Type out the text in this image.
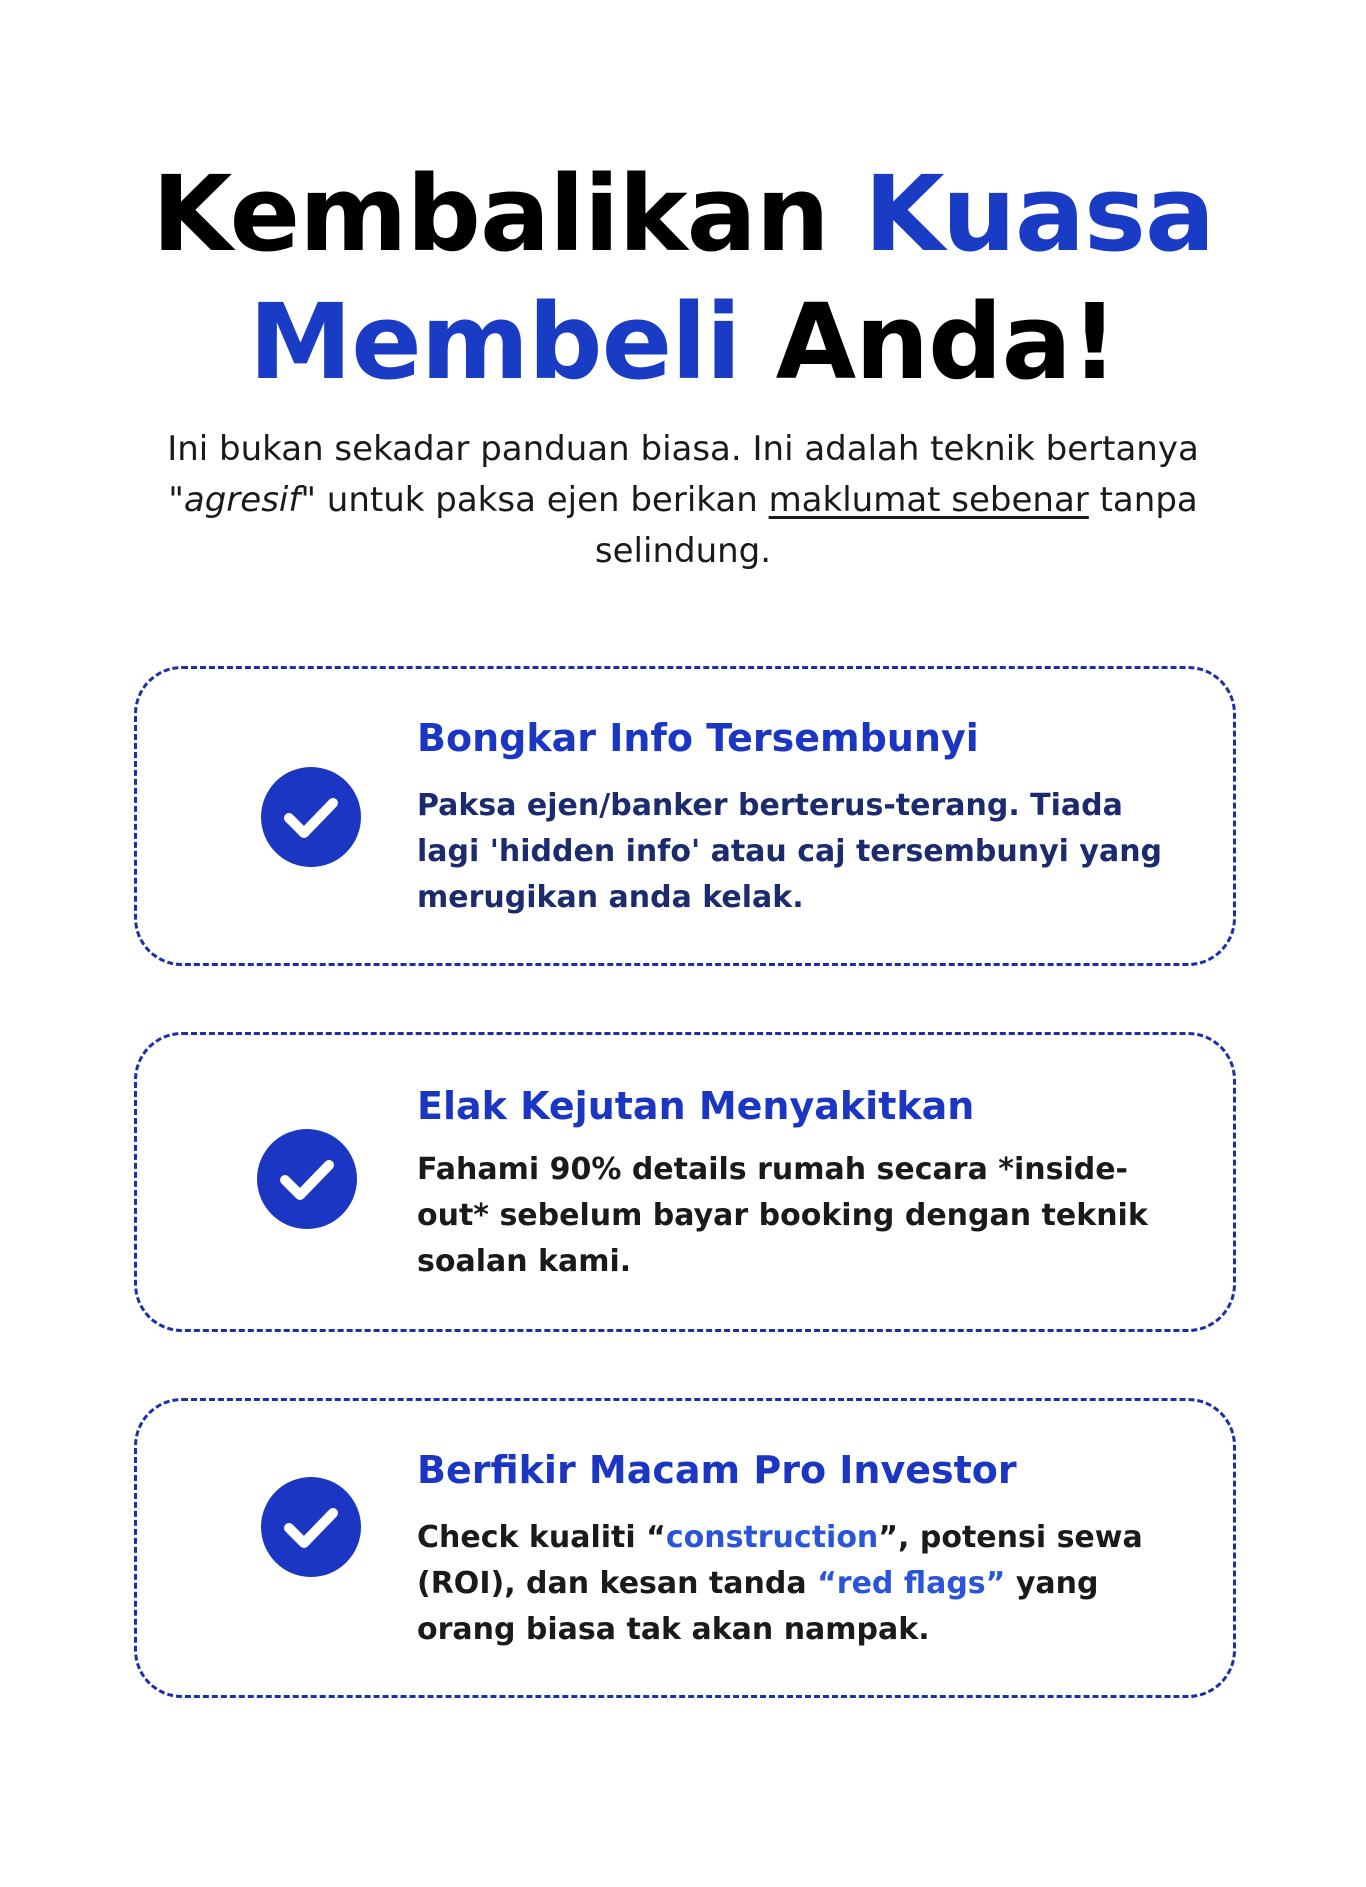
Kembalikan Kuasa
Membeli Anda!

Ini bukan sekadar panduan biasa. Ini adalah teknik bertanya "agresif" untuk paksa ejen berikan maklumat sebenar tanpa selindung.

Bongkar Info Tersembunyi

Paksa ejen/banker berterus-terang. Tiada lagi 'hidden info' atau caj tersembunyi yang merugikan anda kelak.

Elak Kejutan Menyakitkan

Fahami 90% details rumah secara *inside-out* sebelum bayar booking dengan teknik soalan kami.

Berfikir Macam Pro Investor

Check kualiti “construction”, potensi sewa (ROI), dan kesan tanda “red flags” yang orang biasa tak akan nampak.
